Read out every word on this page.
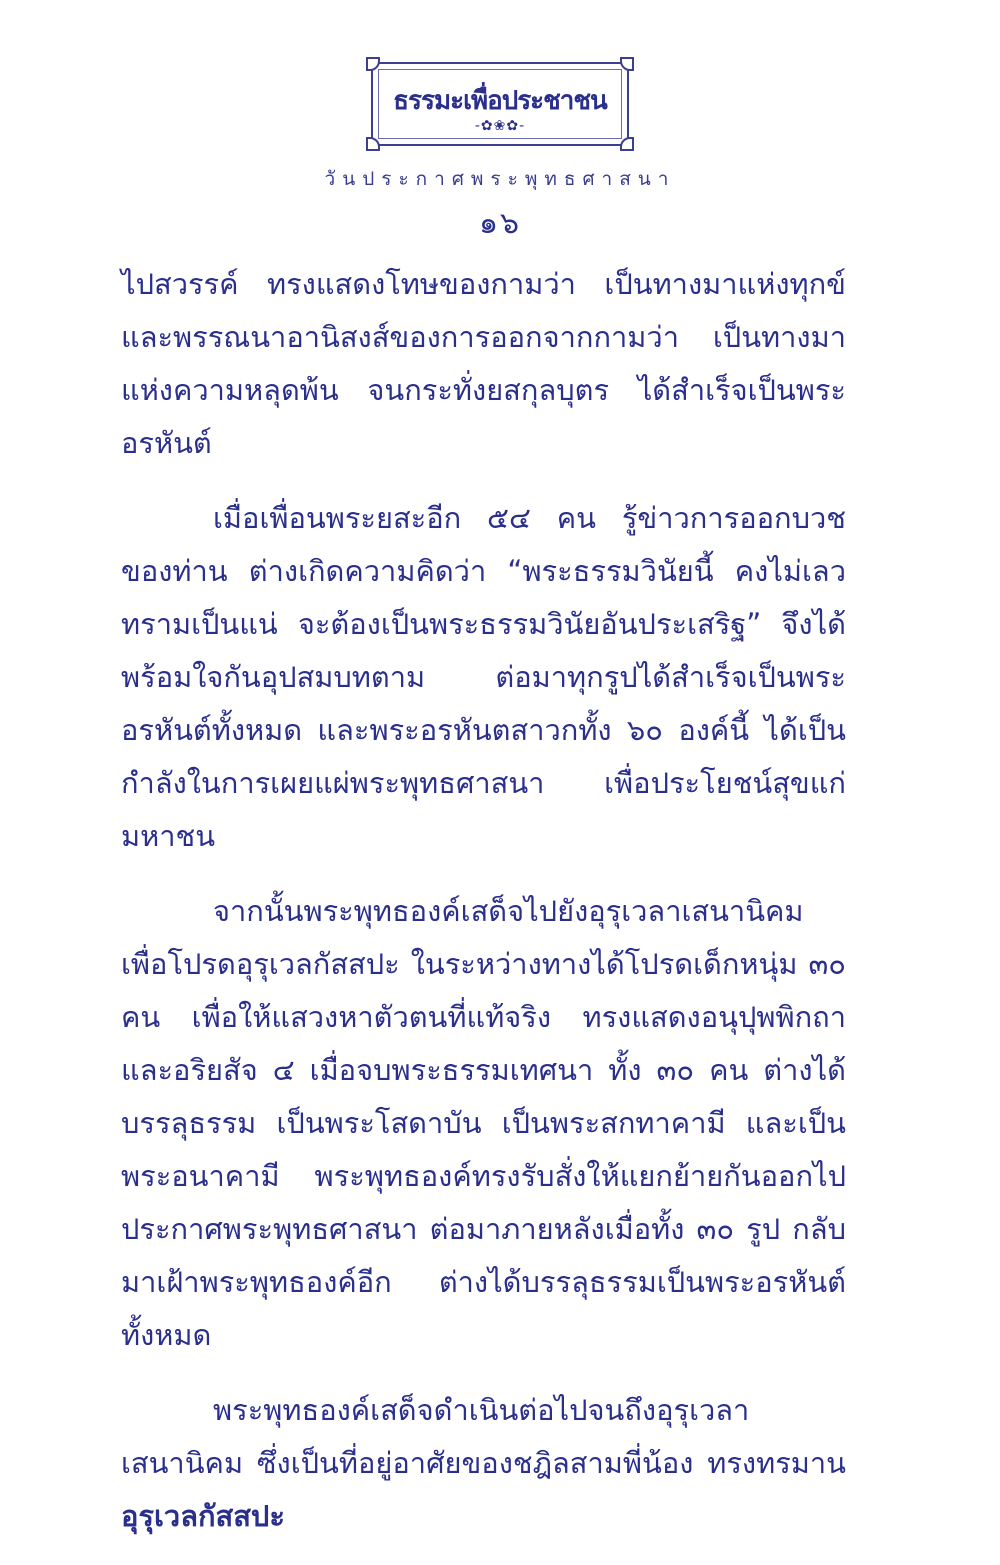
ธรรมะเพื่อประชาชน
-✿❀✿-
วันประกาศพระพุทธศาสนา
๑๖

ไปสวรรค์ ทรงแสดงโทษของกามว่า เป็นทางมาแห่งทุกข์ และพรรณนาอานิสงส์ของการออกจากกามว่า เป็นทางมาแห่งความหลุดพ้น จนกระทั่งยสกุลบุตร ได้สำเร็จเป็นพระอรหันต์

เมื่อเพื่อนพระยสะอีก ๕๔ คน รู้ข่าวการออกบวชของท่าน ต่างเกิดความคิดว่า “พระธรรมวินัยนี้ คงไม่เลวทรามเป็นแน่ จะต้องเป็นพระธรรมวินัยอันประเสริฐ” จึงได้พร้อมใจกันอุปสมบทตาม ต่อมาทุกรูปได้สำเร็จเป็นพระอรหันต์ทั้งหมด และพระอรหันตสาวกทั้ง ๖๐ องค์นี้ ได้เป็นกำลังในการเผยแผ่พระพุทธศาสนา เพื่อประโยชน์สุขแก่มหาชน

จากนั้นพระพุทธองค์เสด็จไปยังอุรุเวลาเสนานิคม เพื่อโปรดอุรุเวลกัสสปะ ในระหว่างทางได้โปรดเด็กหนุ่ม ๓๐ คน เพื่อให้แสวงหาตัวตนที่แท้จริง ทรงแสดงอนุปุพพิกถา และอริยสัจ ๔ เมื่อจบพระธรรมเทศนา ทั้ง ๓๐ คน ต่างได้บรรลุธรรม เป็นพระโสดาบัน เป็นพระสกทาคามี และเป็นพระอนาคามี พระพุทธองค์ทรงรับสั่งให้แยกย้ายกันออกไปประกาศพระพุทธศาสนา ต่อมาภายหลังเมื่อทั้ง ๓๐ รูป กลับมาเฝ้าพระพุทธองค์อีก ต่างได้บรรลุธรรมเป็นพระอรหันต์ทั้งหมด

พระพุทธองค์เสด็จดำเนินต่อไปจนถึงอุรุเวลาเสนานิคม ซึ่งเป็นที่อยู่อาศัยของชฎิลสามพี่น้อง ทรงทรมาน อุรุเวลกัสสปะ
